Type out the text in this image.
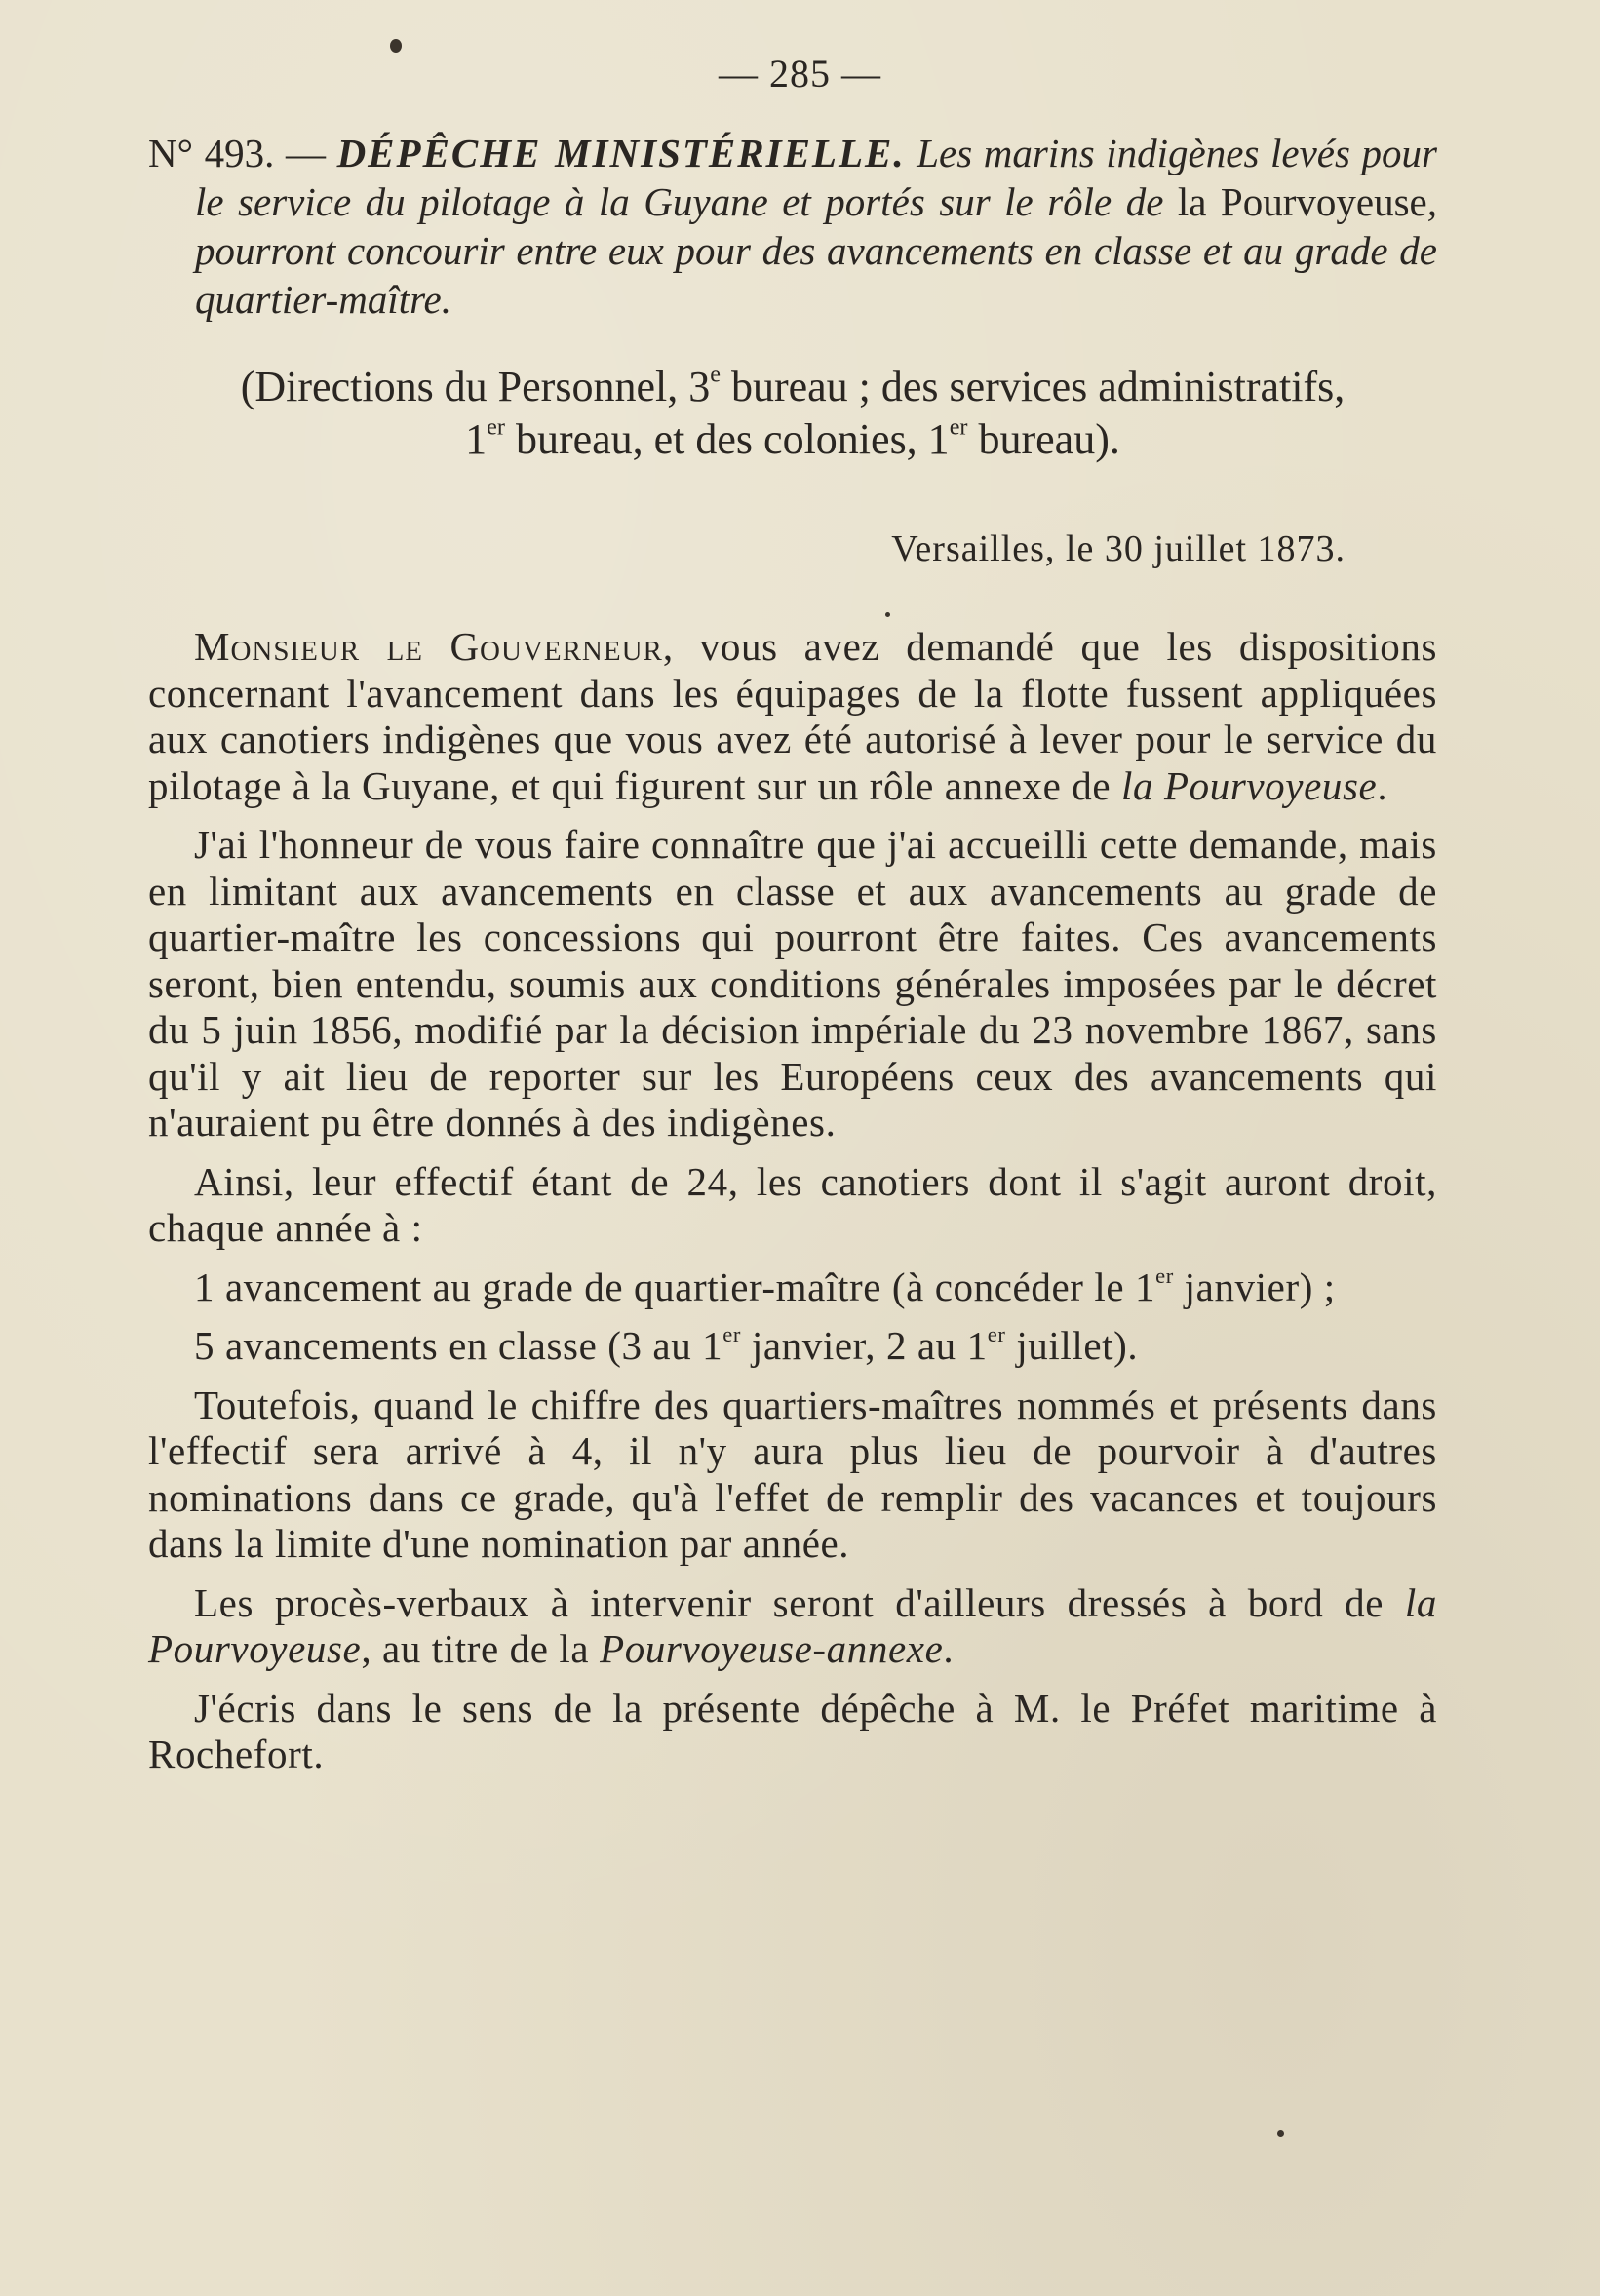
— 285 —
N° 493. — DÉPÊCHE MINISTÉRIELLE. Les marins indigènes levés pour le service du pilotage à la Guyane et portés sur le rôle de la Pourvoyeuse, pourront concourir entre eux pour des avancements en classe et au grade de quartier-maître.
(Directions du Personnel, 3e bureau ; des services administratifs,
1er bureau, et des colonies, 1er bureau).
Versailles, le 30 juillet 1873.

Monsieur le Gouverneur, vous avez demandé que les dispositions concernant l'avancement dans les équipages de la flotte fussent appliquées aux canotiers indigènes que vous avez été autorisé à lever pour le service du pilotage à la Guyane, et qui figurent sur un rôle annexe de la Pourvoyeuse.

J'ai l'honneur de vous faire connaître que j'ai accueilli cette demande, mais en limitant aux avancements en classe et aux avancements au grade de quartier-maître les concessions qui pourront être faites. Ces avancements seront, bien entendu, soumis aux conditions générales imposées par le décret du 5 juin 1856, modifié par la décision impériale du 23 novembre 1867, sans qu'il y ait lieu de reporter sur les Européens ceux des avancements qui n'auraient pu être donnés à des indigènes.

Ainsi, leur effectif étant de 24, les canotiers dont il s'agit auront droit, chaque année à :

1 avancement au grade de quartier-maître (à concéder le 1er janvier) ;

5 avancements en classe (3 au 1er janvier, 2 au 1er juillet).

Toutefois, quand le chiffre des quartiers-maîtres nommés et présents dans l'effectif sera arrivé à 4, il n'y aura plus lieu de pourvoir à d'autres nominations dans ce grade, qu'à l'effet de remplir des vacances et toujours dans la limite d'une nomination par année.

Les procès-verbaux à intervenir seront d'ailleurs dressés à bord de la Pourvoyeuse, au titre de la Pourvoyeuse-annexe.

J'écris dans le sens de la présente dépêche à M. le Préfet maritime à Rochefort.
